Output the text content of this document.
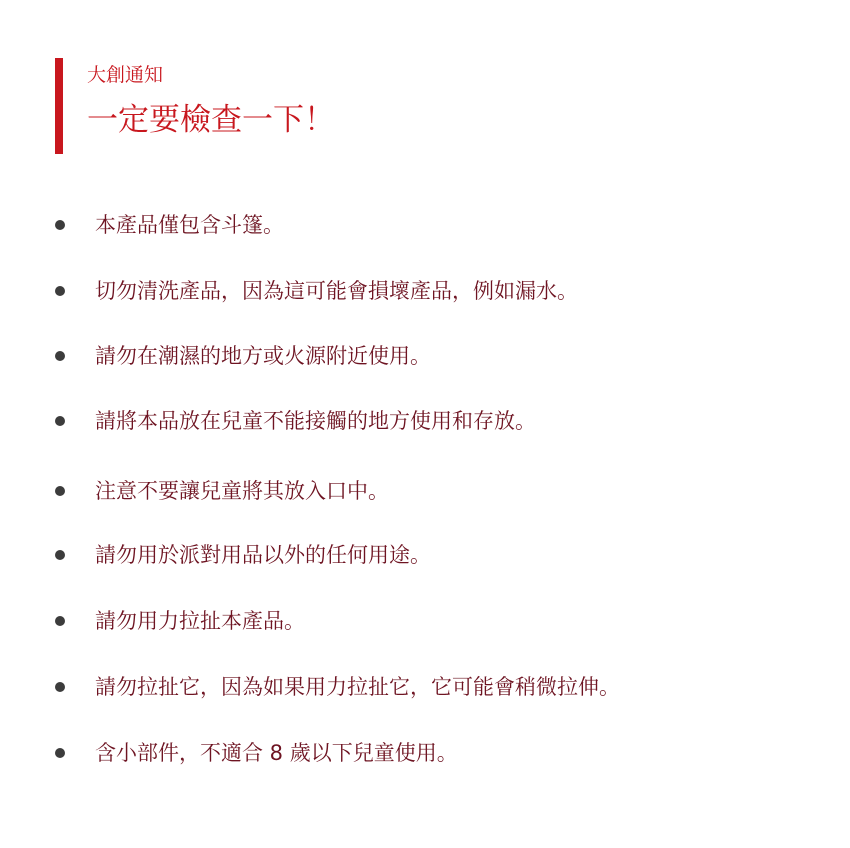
大創通知
一定要檢查一下！
本產品僅包含斗篷。
切勿清洗產品，因為這可能會損壞產品，例如漏水。
請勿在潮濕的地方或火源附近使用。
請將本品放在兒童不能接觸的地方使用和存放。
注意不要讓兒童將其放入口中。
請勿用於派對用品以外的任何用途。
請勿用力拉扯本產品。
請勿拉扯它，因為如果用力拉扯它，它可能會稍微拉伸。
含小部件，不適合 8 歲以下兒童使用。
